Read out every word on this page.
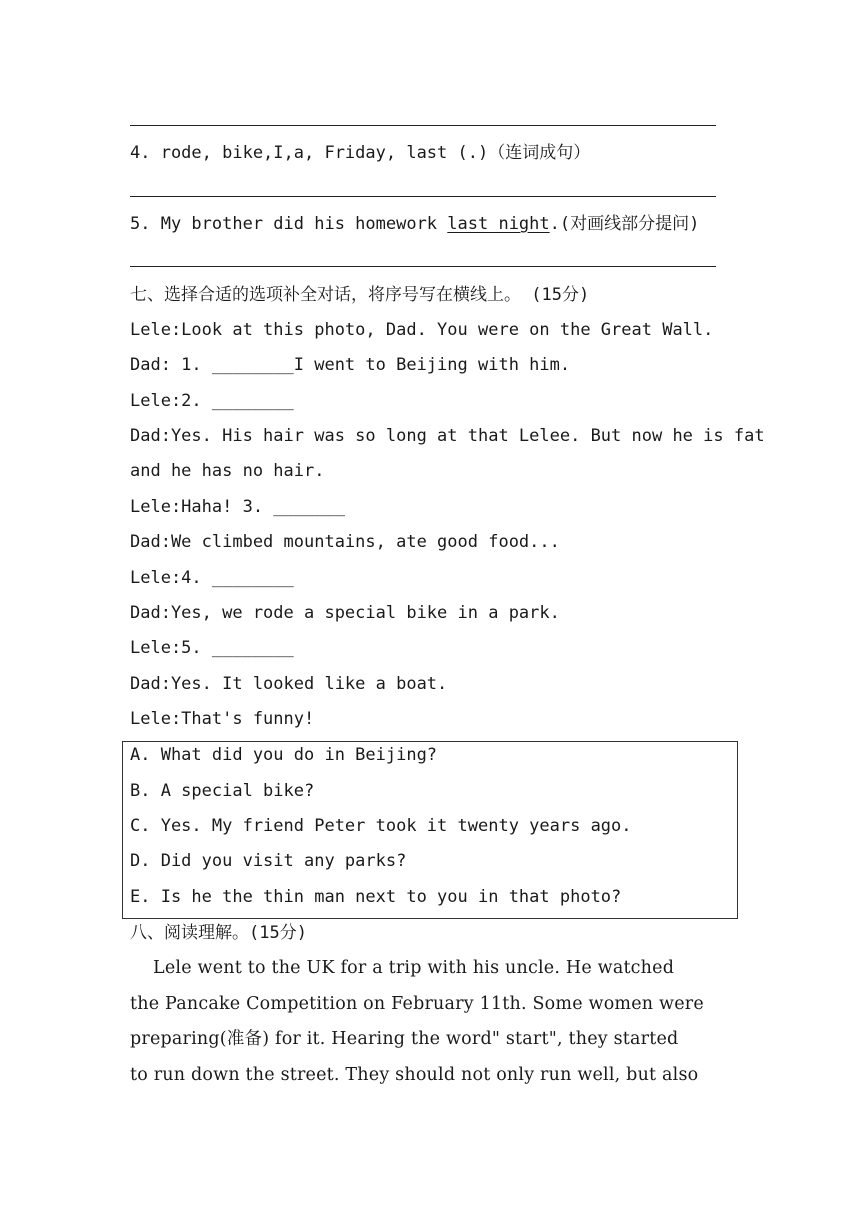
4. rode, bike,I,a, Friday, last (.)（连词成句）
5. My brother did his homework last night.(对画线部分提问)
七、选择合适的选项补全对话，将序号写在横线上。 (15分)
Lele:Look at this photo, Dad. You were on the Great Wall.
Dad: 1. ________I went to Beijing with him.
Lele:2. ________
Dad:Yes. His hair was so long at that Lelee. But now he is fat
and he has no hair.
Lele:Haha! 3. _______
Dad:We climbed mountains, ate good food...
Lele:4. ________
Dad:Yes, we rode a special bike in a park.
Lele:5. ________
Dad:Yes. It looked like a boat.
Lele:That's funny!
A. What did you do in Beijing?
B. A special bike?
C. Yes. My friend Peter took it twenty years ago.
D. Did you visit any parks?
E. Is he the thin man next to you in that photo?
八、阅读理解。(15分)
Lele went to the UK for a trip with his uncle. He watched
the Pancake Competition on February 11th. Some women were
preparing(准备) for it. Hearing the word" start", they started
to run down the street. They should not only run well, but also
